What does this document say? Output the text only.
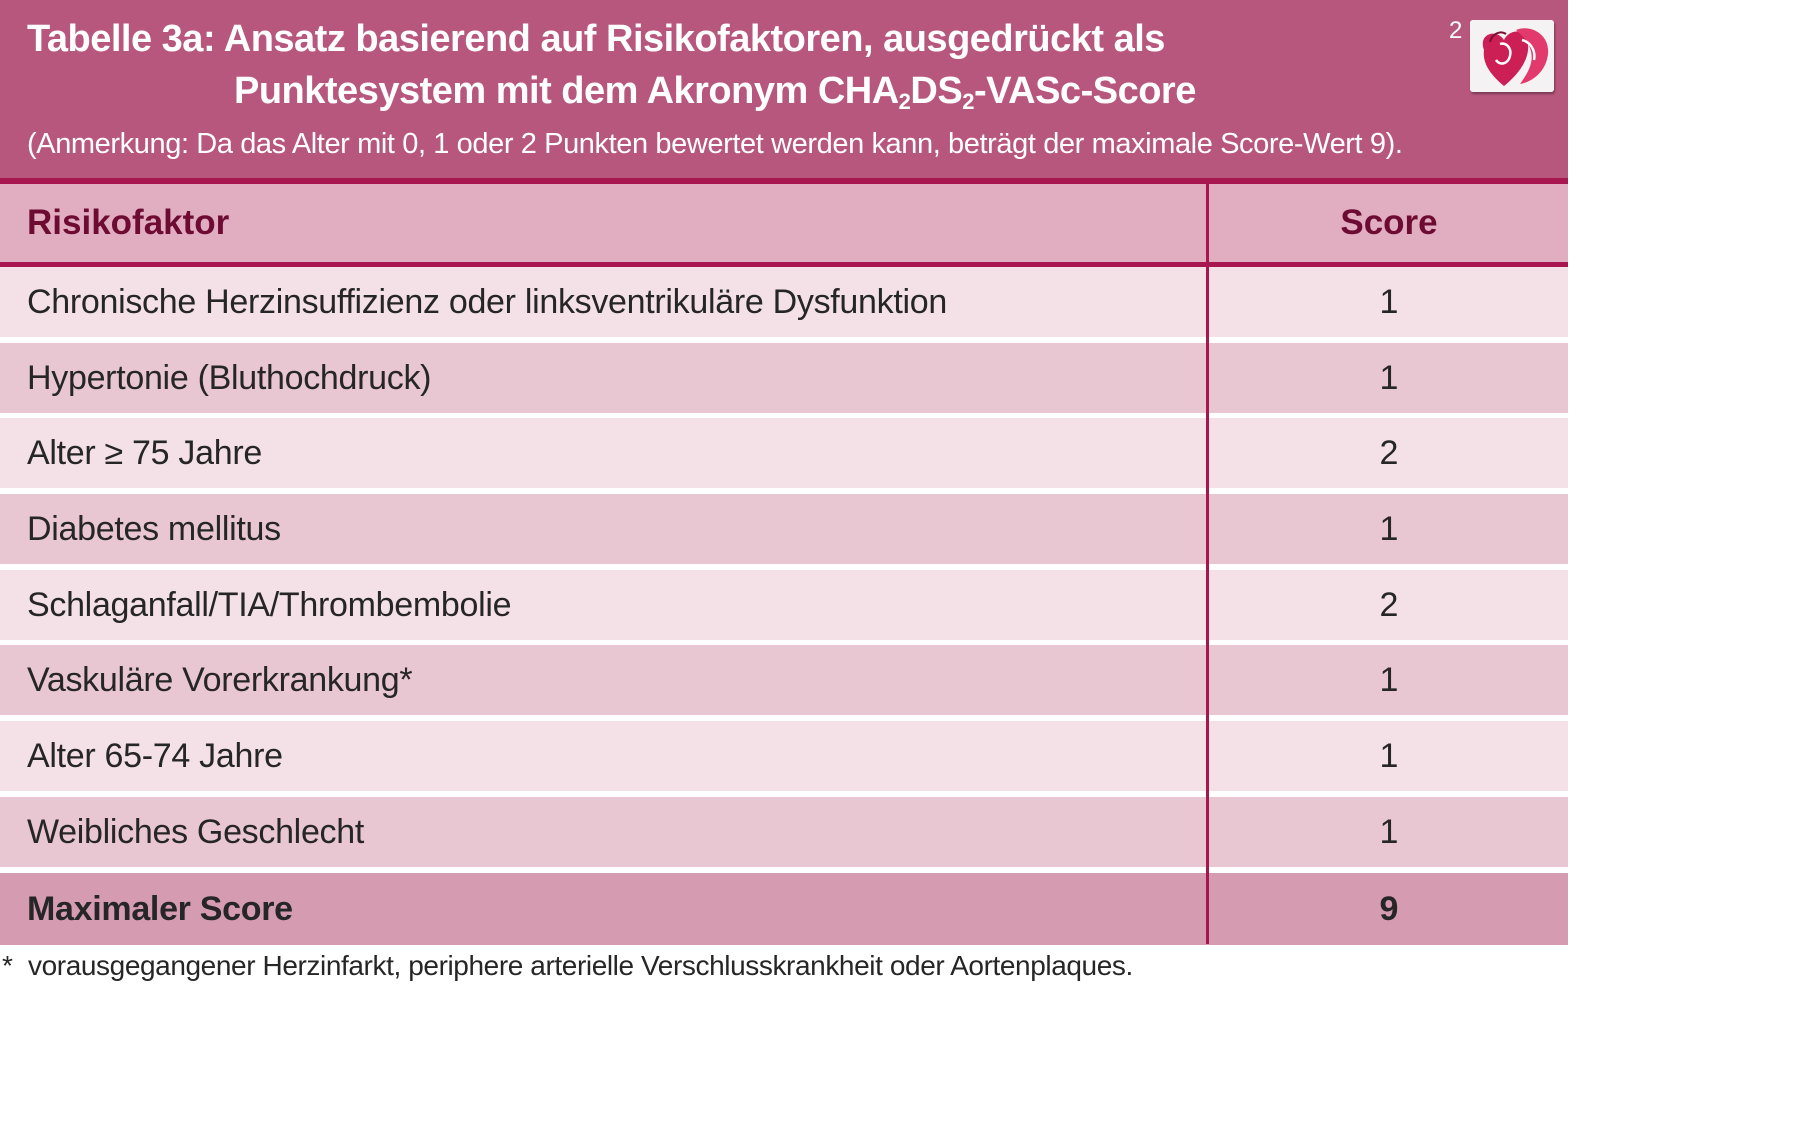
Tabelle 3a: Ansatz basierend auf Risikofaktoren, ausgedrückt als
Punktesystem mit dem Akronym $CHA_2DS_2-VASc$-Score
(Anmerkung: Da das Alter mit 0, 1 oder 2 Punkten bewertet werden kann, beträgt der maximale Score-Wert 9).
2
Risikofaktor	Score
Chronische Herzinsuffizienz oder linksventrikuläre Dysfunktion	1
Hypertonie (Bluthochdruck)	1
Alter ≥ 75 Jahre	2
Diabetes mellitus	1
Schlaganfall/TIA/Thrombembolie	2
Vaskuläre Vorerkrankung*	1
Alter 65-74 Jahre	1
Weibliches Geschlecht	1
Maximaler Score	9
* vorausgegangener Herzinfarkt, periphere arterielle Verschlusskrankheit oder Aortenplaques.
